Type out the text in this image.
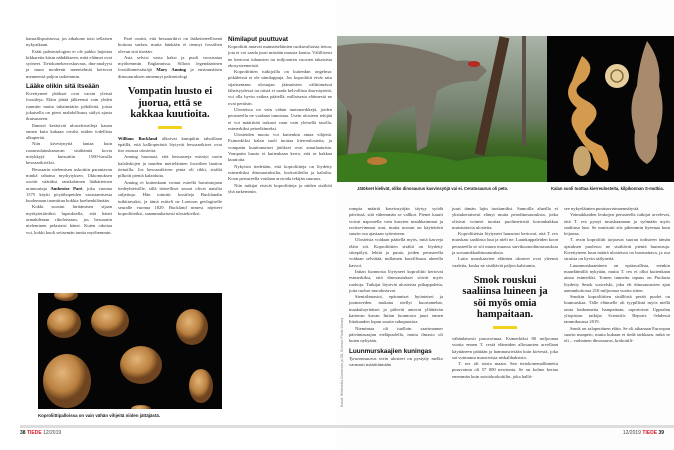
kansallispuistossa, jos aikakone toisi sellaisen nykyaikaan.

Eräät paleontologien ei ole pakko hajottaa kikkareita käsin nähdäkseen, mitä eläimet ovat syöneet. Tietokonekerroskuvaus, dna-analyysi ja muut modernit menetelmät kertovat menneestä paljon tarkemmin.

Lääke olikin sitä itseään

Kivettyneet jätökset ovat varsin yleisiä fossiileja. Eläin jättää jälkeensä vain yhden ruumiin mutta tuhatmäärin pökäleitä, joista jokaisella on pieni mahdollisuus säilyä ajasta ikuisuuteen.

Ihmiset keräsivät ulostefossiileja kauan ennen kuin kukaan oivalsi niiden todellista alkuperää.

Niin kivettynyttä lantaa kuin ruoansulatuskanavan sisältämiä kovia möykkyjä kutsuttiin 1500-luvulla besoaarikiviksi.

Besoaarin nielemisen uskottiin parantavan minkä tahansa myrkytyksen. Ukkomuksen osoitti vääräksi ranskalainen lääkärietoen uranuurtaja Ambroise Paré, joka vuonna 1575 käytti pöytähopeiden varastamisesta kuolemaan tuomittua kokkia koehenkilönään.

Kokki suostui hirttämisen sijaan myrkytettäväksi lupauksella, että hänet armahdetaan rikoloistaan, jos besoaarin nieleminen pelastaisi hänet. Kuten odottaa voi, kokki kuoli seitsemän tuntia myöhemmin.

Paré osoitti, että besoaarikivi on lääketieteellisenä hoitona surkea, mutta hänkään ei tiennyt fossiilien olevan sitä itseään.

Asia selvisi vasta kaksi ja puoli vuosisataa myöhemmin Englannissa. Silloin legendaarinen fossiilinmetsästäjä Mary Anning ja ensimmäisen dinosauruksen nimennyt paleontologi

Vompatin luusto ei juorua, että se kakkaa kuutioita.

William Buckland alkoivat kumpikin tahoillaan epäillä, että kallioperästä löytyvät besoaarikivet ovat itse asiassa ulosteita.

Anning huomasi, että besoaareja esiintyi usein kalaliskojen ja muiden merieläinten fossiilien lantion tienoilla. Jos besoaarikiven pinta oli rikki, sisältä pilkotti pieniä kalanluita.

Anning ei kuitenkaan voinut esitellä havaintojaan tiedeyhteisölle, sillä tieteelliset seurat olivat naisilta suljettuja. Hän toimitti fossiileja Bucklandin tutkittavaksi, ja tämä esitteli ne Lontoon geologiselle seuralle vuonna 1829. Buckland nimesi näytteet koproliiteiksi, sananmukaisesti ulostekiviksi.

Nimilaput puuttuvat

Koproliitit antavat muinaiseläinten ruokavalioista tietoa, jota ei voi saada juuri mistään muusta kautta. Välillisesti ne kertovat tuhansien tai miljoonien vuosien takaisista ekosysteemeistä.

Koproliittien tutkijoilla on kuitenkin ongelma: pökäleissä ei ole nimilappuja. Jos koproliitit eivät satu sijaitsemaan ulostajan jäännösten välittömässä läheisyydessä tai niistä ei saada kelvollista dna-näytettä, voi olla hyvin vaikea päätellä, millaisesta eläimestä ne ovat peräisin.

Ulosteissa on vain vähän tuntomerkkejä, joiden perusteella ne voidaan tunnistaa. Usein ulosteen tekijää ei voi määrittää tarkasti vaan vain yleisellä tasolla, esimerkiksi petoeläimeksi.

Ulosteiden muoto voi kuitenkin antaa vihjeitä. Esimerkiksi kalan suoli tuottaa kierreulosteita, ja vompatin kuutiomaiset jätökset ovat ainutlaatuisia. Vompatin luusto ei kuitenkaan kerro, että se kakkaa kuutioita.

Nykyisin tiedetään, että koproliitteja on löydetty esimerkiksi dinosauruksilta, krokotiileilta ja kaloilta. Koon perusteella voidaan arvioida tekijän suuruus.

Niin tutkijat etsivät koproliitteja ja niiden sisältöä yhä tarkemmin.

Koproliittipalloissa on vain vähän vihjeitä niiden jättäjästä.
38 TIEDE 12/2019
Jätökset kielivät, oliko dinosaurus kasvinsyöjä vai ei. Ceratosaurus oli peto.	Kalan suoli tuottaa kierreulosteita, kilpikonnan S-mutkia.
Kuvat: Wikimedia Commons ja 3D, Science Photo Library

rompia määriä kasvinsyöjän täytyy syödä päivässä, sitä vähemmän se vallkoi. Pienet kaurit voivat napostella vain kasvien maukkaimmat ja ravitsevimmat osat, mutta norsun on käytettävä suurin osa ajastaan syömiseen.

Ulosteista voidaan päätellä myös, mitä kasveja eläin söi. Koproliittien sisältä on löydetty siitepölyä, lehtiä ja puuta, joiden perusteella voidaan selvittää, millainen kasvillisuus alueella kasvoi.

Intian luonnosta löytyneet koproliitit kertovat esimerkiksi, että dinosaurukset söivät myös ruohoja. Tutkijat löysivät ulosteista piikappaleita, joita ruohot muodostavat.

Sienirihmastot, epäonniset hyönteiset ja juomaveden mukana niellyt kuoriamebat, maakuluyritäiset ja piilevät antavat yllättävän kattavan kuvan Intian luonnosta juuri ennen liitukauden lopun suurta sukupuuttoa.

Niemimaa oli tuolloin saarimanner päiväntasaajan eteläpuolella, mutta ilmasto oli kuten nykyään.

Luunmurskaajien kuningas

Tyrannosaurus rexin ulosteet on pystytty melko varmasti määrittämään

juuri tämän lajin tuottamiksi. Samoilla alueilla ei yksinkertaisesti elänyt muita petodinosauruksia, jotka olisivat voineet tuottaa puolimetrisiä koirankakkaa muistuttavia ulosteita.

Koproliiteista löytyneet luunsirut kertovat, että T. rex murskasi saaliinsa luut ja nieli ne. Luunkappaleiden koon perusteella se söi muun muassa sarvikuonodinosauruksia ja sorsanokkadinosauruksia.

Luita murskaavien eläinten ulosteet ovat yleensä vaaleita, koska ne sisältävät paljon kalsiumia.

Smok rouskui saaliinsa luineen ja söi myös omia hampaitaan.

vähänlaisesti puruvoimaa. Esimerkiksi 80 miljoonaa vuotta ennen T. rexiä eläneiden allosaurien arvellaan käyttäneen päätään ja hammasriviään kuin kirvestä, joka sai voimansa massiivista niskalihaksista.

T. rex oli toista maata. Sen tietokonemallinnettu puruvoima oli 57 000 newtonia. Se on kolme kertaa enemmän kuin suistokrokotiilin, joka hallit-

see nykyeläinten puraisuvoimaennätystä.

Voimakkaiden leukojen perusteella tutkijat arvelevat, että T. rex pystyi murskaamaan ja syömään myös saaliinsa luut. Se muistutti siis pikemmin hyeenaa kuin leijonaa.

T. rexin koproliitit tarjoavat suoran todisteen tämän ajatuksen puolesta: ne sisältävät pieniä luunsiruja. Kivettyneen luun määrä ulosteissa on huomattava, ja osa siruista on hyvin säilyneitä.

Luunmurskaaminen on epätavallista, etenkin maaeläimillä nykyään, mutta T. rex ei ollut kuitenkaan ainoa esimerkki. Toinen tunnettu tapaus on Puolasta löydetty Smok wawelski, joka eli dinosaurusten ajan aamunkoitossa 210 miljoonaa vuotta sitten.

Smokin koproliittien sisällöstä peräti puolet on luumurskaa. Tälle eläimelle oli tyypillistä myös niellä omia katkenneita hampaitaan, raportoivat Uppsalan yliopiston tutkijat Scientific Reports -lehdessä tammikuussa 2019.

Smok on salaperäinen eläin. Se oli aikanaan Euroopan suurin maapeto, mutta kukaan ei tiedä tarkkaan, mikä se oli – varhainen dinosaurus, krokotiili-

12/2019 TIEDE 39
